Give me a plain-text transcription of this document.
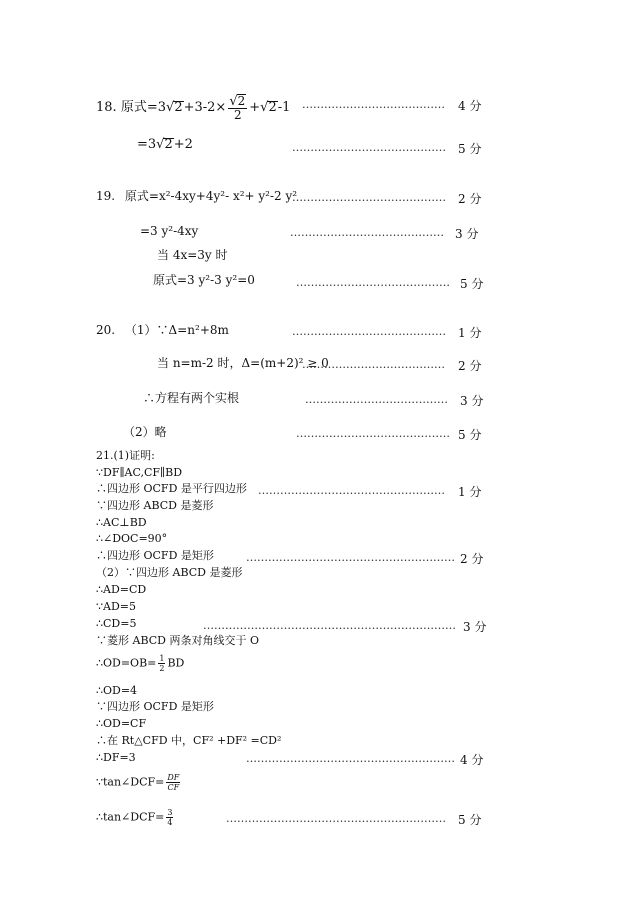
18. 原式$=3√2+3-2\times \frac{√2}{2} +√2-1$ ………………………………… 4 分
=3√2+2	…………………………………… 5 分
19. 原式=x²-4xy+4y²- x²+ y²-2 y²
…………………………………… 2 分
=3 y²-4xy	…………………………………… 3 分
当 4x=3y 时
原式=3 y²-3 y²=0	…………………………………… 5 分
20. （1）∵Δ=n²+8m	…………………………………… 1 分
当 n=m-2 时，Δ=(m+2)² ≥ 0
………………………………… 2 分
∴方程有两个实根	………………………………… 3 分
（2）略	…………………………………… 5 分
21.(1)证明:
∵DF∥AC,CF∥BD
∴四边形 OCFD 是平行四边形 …………………………………………… 1 分
∵四边形 ABCD 是菱形
∴AC⊥BD
∴∠DOC=90°
∴四边形 OCFD 是矩形	………………………………………………… 2 分
（2）∵四边形 ABCD 是菱形
∴AD=CD
∵AD=5
∴CD=5	…………………………………………………………… 3 分
∵菱形 ABCD 两条对角线交于 O
∴OD=OB= $\frac{1}{2}$ BD
∴OD=4
∵四边形 OCFD 是矩形
∴OD=CF
∴在 Rt△CFD 中，CF² +DF² =CD²
∴DF=3	………………………………………………… 4 分
∵tan∠DCF= $\frac{DF}{CF}$
∴tan∠DCF= $\frac{3}{4}$	…………………………………………………… 5 分
